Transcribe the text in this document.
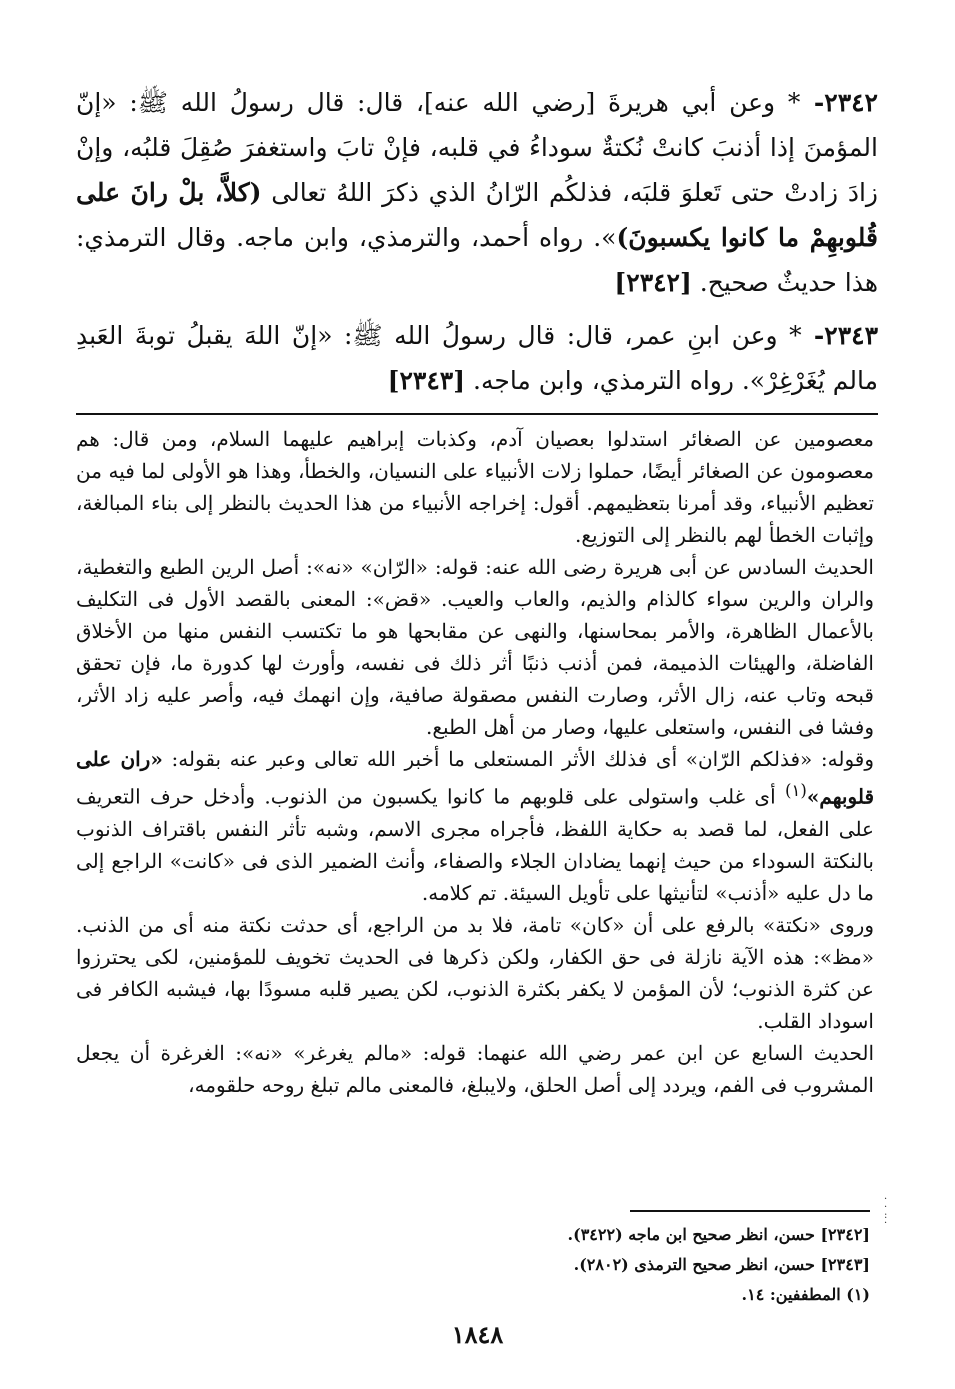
٢٣٤٢- * وعن أبي هريرةَ [رضي الله عنه]، قال: قال رسولُ الله ﷺ: «إنّ المؤمنَ إذا أذنبَ كانتْ نُكتةٌ سوداءُ في قلبه، فإنْ تابَ واستغفرَ صُقِلَ قلبُه، وإنْ زادَ زادتْ حتى تَعلوَ قلبَه، فذلكُم الرّانُ الذي ذكرَ اللهُ تعالى (كلاَّ، بلْ رانَ على قُلوبهِمْ ما كانوا يكسبونَ)». رواه أحمد، والترمذي، وابن ماجه. وقال الترمذي: هذا حديثٌ صحيح. [٢٣٤٢]

٢٣٤٣- * وعن ابنِ عمر، قال: قال رسولُ الله ﷺ: «إنّ اللهَ يقبلُ توبةَ العَبدِ مالم يُغَرْغِرْ». رواه الترمذي، وابن ماجه. [٢٣٤٣]

معصومين عن الصغائر استدلوا بعصيان آدم، وكذبات إبراهيم عليهما السلام، ومن قال: هم معصومون عن الصغائر أيضًا، حملوا زلات الأنبياء على النسيان، والخطأ، وهذا هو الأولى لما فيه من تعظيم الأنبياء، وقد أمرنا بتعظيمهم. أقول: إخراجه الأنبياء من هذا الحديث بالنظر إلى بناء المبالغة، وإثبات الخطأ لهم بالنظر إلى التوزيع.

الحديث السادس عن أبى هريرة رضى الله عنه: قوله: «الرّان» «نه»: أصل الرين الطبع والتغطية، والران والرين سواء كالذام والذيم، والعاب والعيب. «قض»: المعنى بالقصد الأول فى التكليف بالأعمال الظاهرة، والأمر بمحاسنها، والنهى عن مقابحها هو ما تكتسب النفس منها من الأخلاق الفاضلة، والهيئات الذميمة، فمن أذنب ذنبًا أثر ذلك فى نفسه، وأورث لها كدورة ما، فإن تحقق قبحه وتاب عنه، زال الأثر، وصارت النفس مصقولة صافية، وإن انهمك فيه، وأصر عليه زاد الأثر، وفشا فى النفس، واستعلى عليها، وصار من أهل الطبع.

وقوله: «فذلكم الرّان» أى فذلك الأثر المستعلى ما أخبر الله تعالى وعبر عنه بقوله: «ران على قلوبهم»$^{(١)}$ أى غلب واستولى على قلوبهم ما كانوا يكسبون من الذنوب. وأدخل حرف التعريف على الفعل، لما قصد به حكاية اللفظ، فأجراه مجرى الاسم، وشبه تأثر النفس باقتراف الذنوب بالنكتة السوداء من حيث إنهما يضادان الجلاء والصفاء، وأنث الضمير الذى فى «كانت» الراجع إلى ما دل عليه «أذنب» لتأنيثها على تأويل السيئة. تم كلامه.

وروى «نكتة» بالرفع على أن «كان» تامة، فلا بد من الراجع، أى حدثت نكتة منه أى من الذنب. «مظ»: هذه الآية نازلة فى حق الكفار، ولكن ذكرها فى الحديث تخويف للمؤمنين، لكى يحترزوا عن كثرة الذنوب؛ لأن المؤمن لا يكفر بكثرة الذنوب، لكن يصير قلبه مسودًا بها، فيشبه الكافر فى اسوداد القلب.

الحديث السابع عن ابن عمر رضي الله عنهما: قوله: «مالم يغرغر» «نه»: الغرغرة أن يجعل المشروب فى الفم، ويردد إلى أصل الحلق، ولايبلغ، فالمعنى مالم تبلغ روحه حلقومه،

·
·
:
·
[٢٣٤٢] حسن، انظر صحيح ابن ماجه (٣٤٢٢).
[٢٣٤٣] حسن، انظر صحيح الترمذى (٢٨٠٢).
(١) المطففين: ١٤.
١٨٤٨
